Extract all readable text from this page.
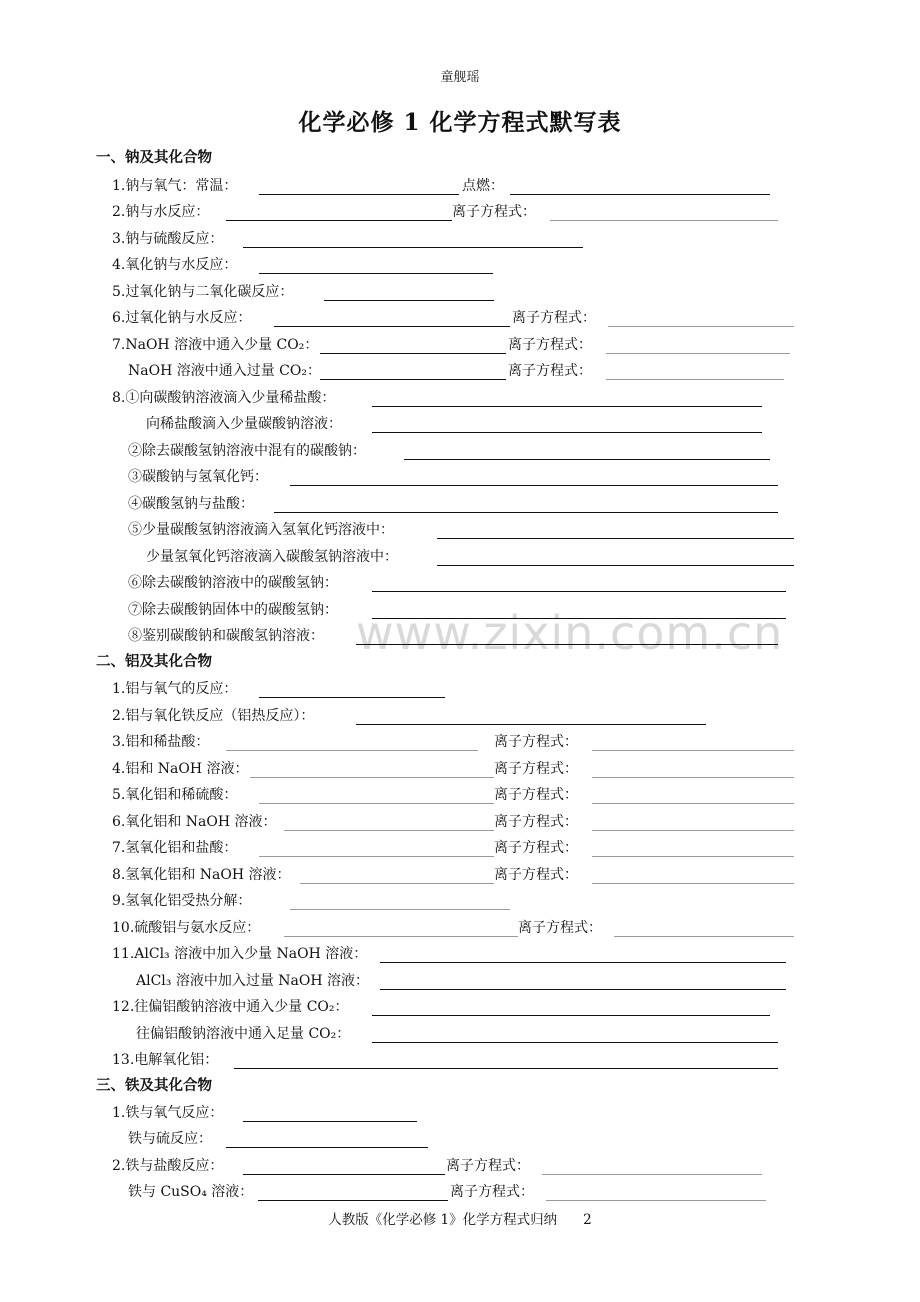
童舰瑶
化学必修 1 化学方程式默写表
www.zixin.com.cn
一、钠及其化合物
1.钠与氧气：常温：	点燃：
2.钠与水反应：	离子方程式：
3.钠与硫酸反应：
4.氧化钠与水反应：
5.过氧化钠与二氧化碳反应：
6.过氧化钠与水反应：	离子方程式：
7.NaOH 溶液中通入少量 CO₂：	离子方程式：
NaOH 溶液中通入过量 CO₂：	离子方程式：
8.①向碳酸钠溶液滴入少量稀盐酸：
向稀盐酸滴入少量碳酸钠溶液：
②除去碳酸氢钠溶液中混有的碳酸钠：
③碳酸钠与氢氧化钙：
④碳酸氢钠与盐酸：
⑤少量碳酸氢钠溶液滴入氢氧化钙溶液中：
少量氢氧化钙溶液滴入碳酸氢钠溶液中：
⑥除去碳酸钠溶液中的碳酸氢钠：
⑦除去碳酸钠固体中的碳酸氢钠：
⑧鉴别碳酸钠和碳酸氢钠溶液：
二、铝及其化合物
1.铝与氧气的反应：
2.铝与氧化铁反应（铝热反应）：
3.铝和稀盐酸：	离子方程式：
4.铝和 NaOH 溶液：	离子方程式：
5.氧化铝和稀硫酸：	离子方程式：
6.氧化铝和 NaOH 溶液：	离子方程式：
7.氢氧化铝和盐酸：	离子方程式：
8.氢氧化铝和 NaOH 溶液：	离子方程式：
9.氢氧化铝受热分解：
10.硫酸铝与氨水反应：	离子方程式：
11.AlCl₃ 溶液中加入少量 NaOH 溶液：
AlCl₃ 溶液中加入过量 NaOH 溶液：
12.往偏铝酸钠溶液中通入少量 CO₂：
往偏铝酸钠溶液中通入足量 CO₂：
13.电解氧化铝：
三、铁及其化合物
1.铁与氧气反应：
铁与硫反应：
2.铁与盐酸反应：	离子方程式：
铁与 CuSO₄ 溶液：	离子方程式：
人教版《化学必修 1》化学方程式归纳 2
